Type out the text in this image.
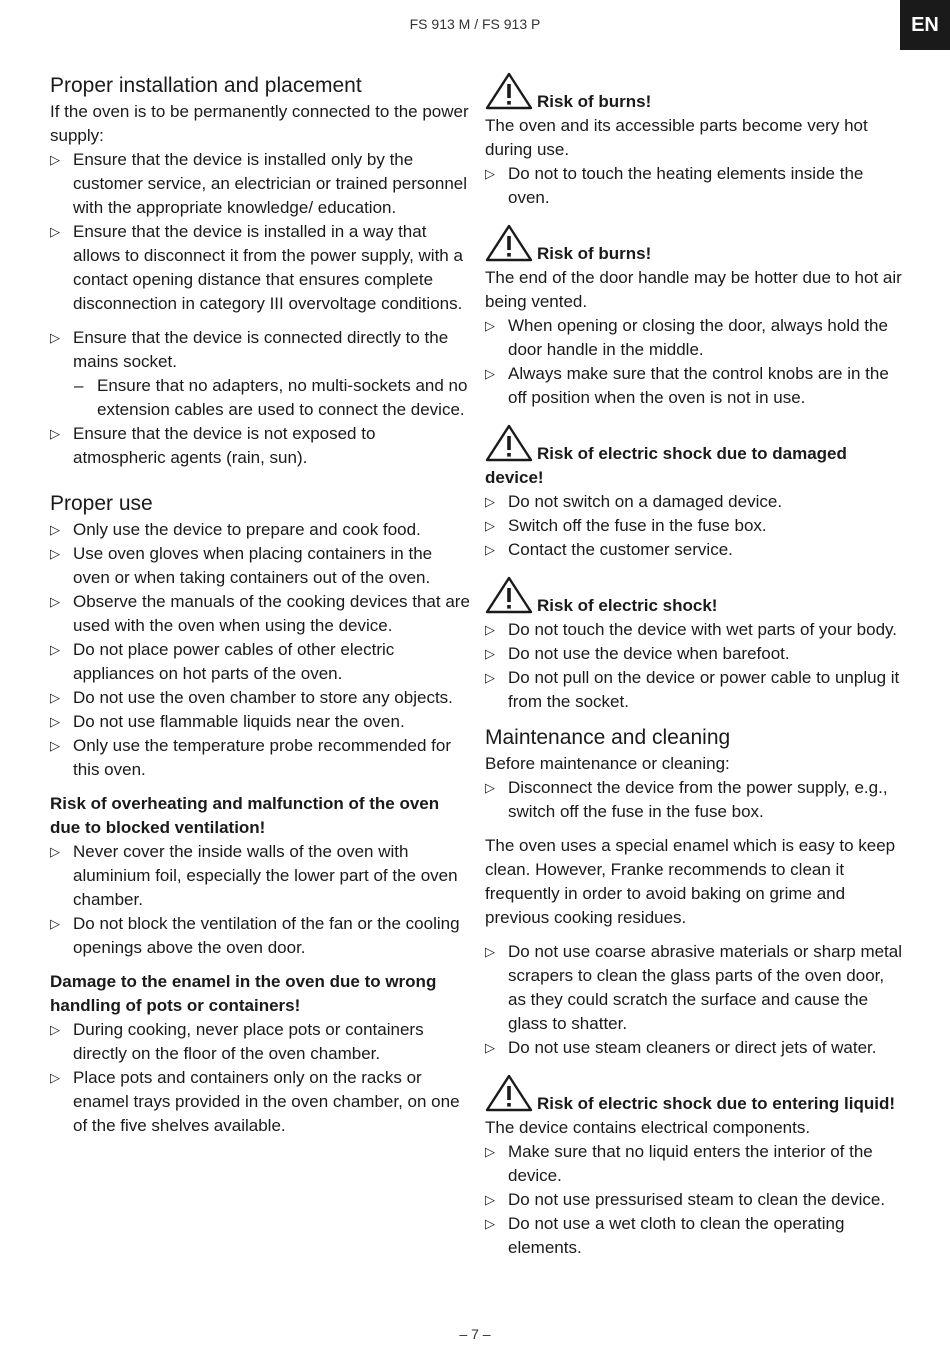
FS 913 M / FS 913 P	EN
Proper installation and placement

If the oven is to be permanently connected to the power supply:

▷ Ensure that the device is installed only by the customer service, an electrician or trained personnel with the appropriate knowledge/ education.
▷ Ensure that the device is installed in a way that allows to disconnect it from the power supply, with a contact opening distance that ensures complete disconnection in category III overvoltage conditions.
▷ Ensure that the device is connected directly to the mains socket.
– Ensure that no adapters, no multi-sockets and no extension cables are used to connect the device.
▷ Ensure that the device is not exposed to atmospheric agents (rain, sun).
Proper use
▷ Only use the device to prepare and cook food.
▷ Use oven gloves when placing containers in the oven or when taking containers out of the oven.
▷ Observe the manuals of the cooking devices that are used with the oven when using the device.
▷ Do not place power cables of other electric appliances on hot parts of the oven.
▷ Do not use the oven chamber to store any objects.
▷ Do not use flammable liquids near the oven.
▷ Only use the temperature probe recommended for this oven.

Risk of overheating and malfunction of the oven due to blocked ventilation!

▷ Never cover the inside walls of the oven with aluminium foil, especially the lower part of the oven chamber.
▷ Do not block the ventilation of the fan or the cooling openings above the oven door.

Damage to the enamel in the oven due to wrong handling of pots or containers!

▷ During cooking, never place pots or containers directly on the floor of the oven chamber.
▷ Place pots and containers only on the racks or enamel trays provided in the oven chamber, on one of the five shelves available.
Risk of burns!

The oven and its accessible parts become very hot during use.

▷ Do not to touch the heating elements inside the oven.
Risk of burns!

The end of the door handle may be hotter due to hot air being vented.

▷ When opening or closing the door, always hold the door handle in the middle.
▷ Always make sure that the control knobs are in the off position when the oven is not in use.
Risk of electric shock due to damaged device!
▷ Do not switch on a damaged device.
▷ Switch off the fuse in the fuse box.
▷ Contact the customer service.
Risk of electric shock!
▷ Do not touch the device with wet parts of your body.
▷ Do not use the device when barefoot.
▷ Do not pull on the device or power cable to unplug it from the socket.
Maintenance and cleaning

Before maintenance or cleaning:

▷ Disconnect the device from the power supply, e.g., switch off the fuse in the fuse box.

The oven uses a special enamel which is easy to keep clean. However, Franke recommends to clean it frequently in order to avoid baking on grime and previous cooking residues.

▷ Do not use coarse abrasive materials or sharp metal scrapers to clean the glass parts of the oven door, as they could scratch the surface and cause the glass to shatter.
▷ Do not use steam cleaners or direct jets of water.
Risk of electric shock due to entering liquid!

The device contains electrical components.

▷ Make sure that no liquid enters the interior of the device.
▷ Do not use pressurised steam to clean the device.
▷ Do not use a wet cloth to clean the operating elements.
– 7 –
